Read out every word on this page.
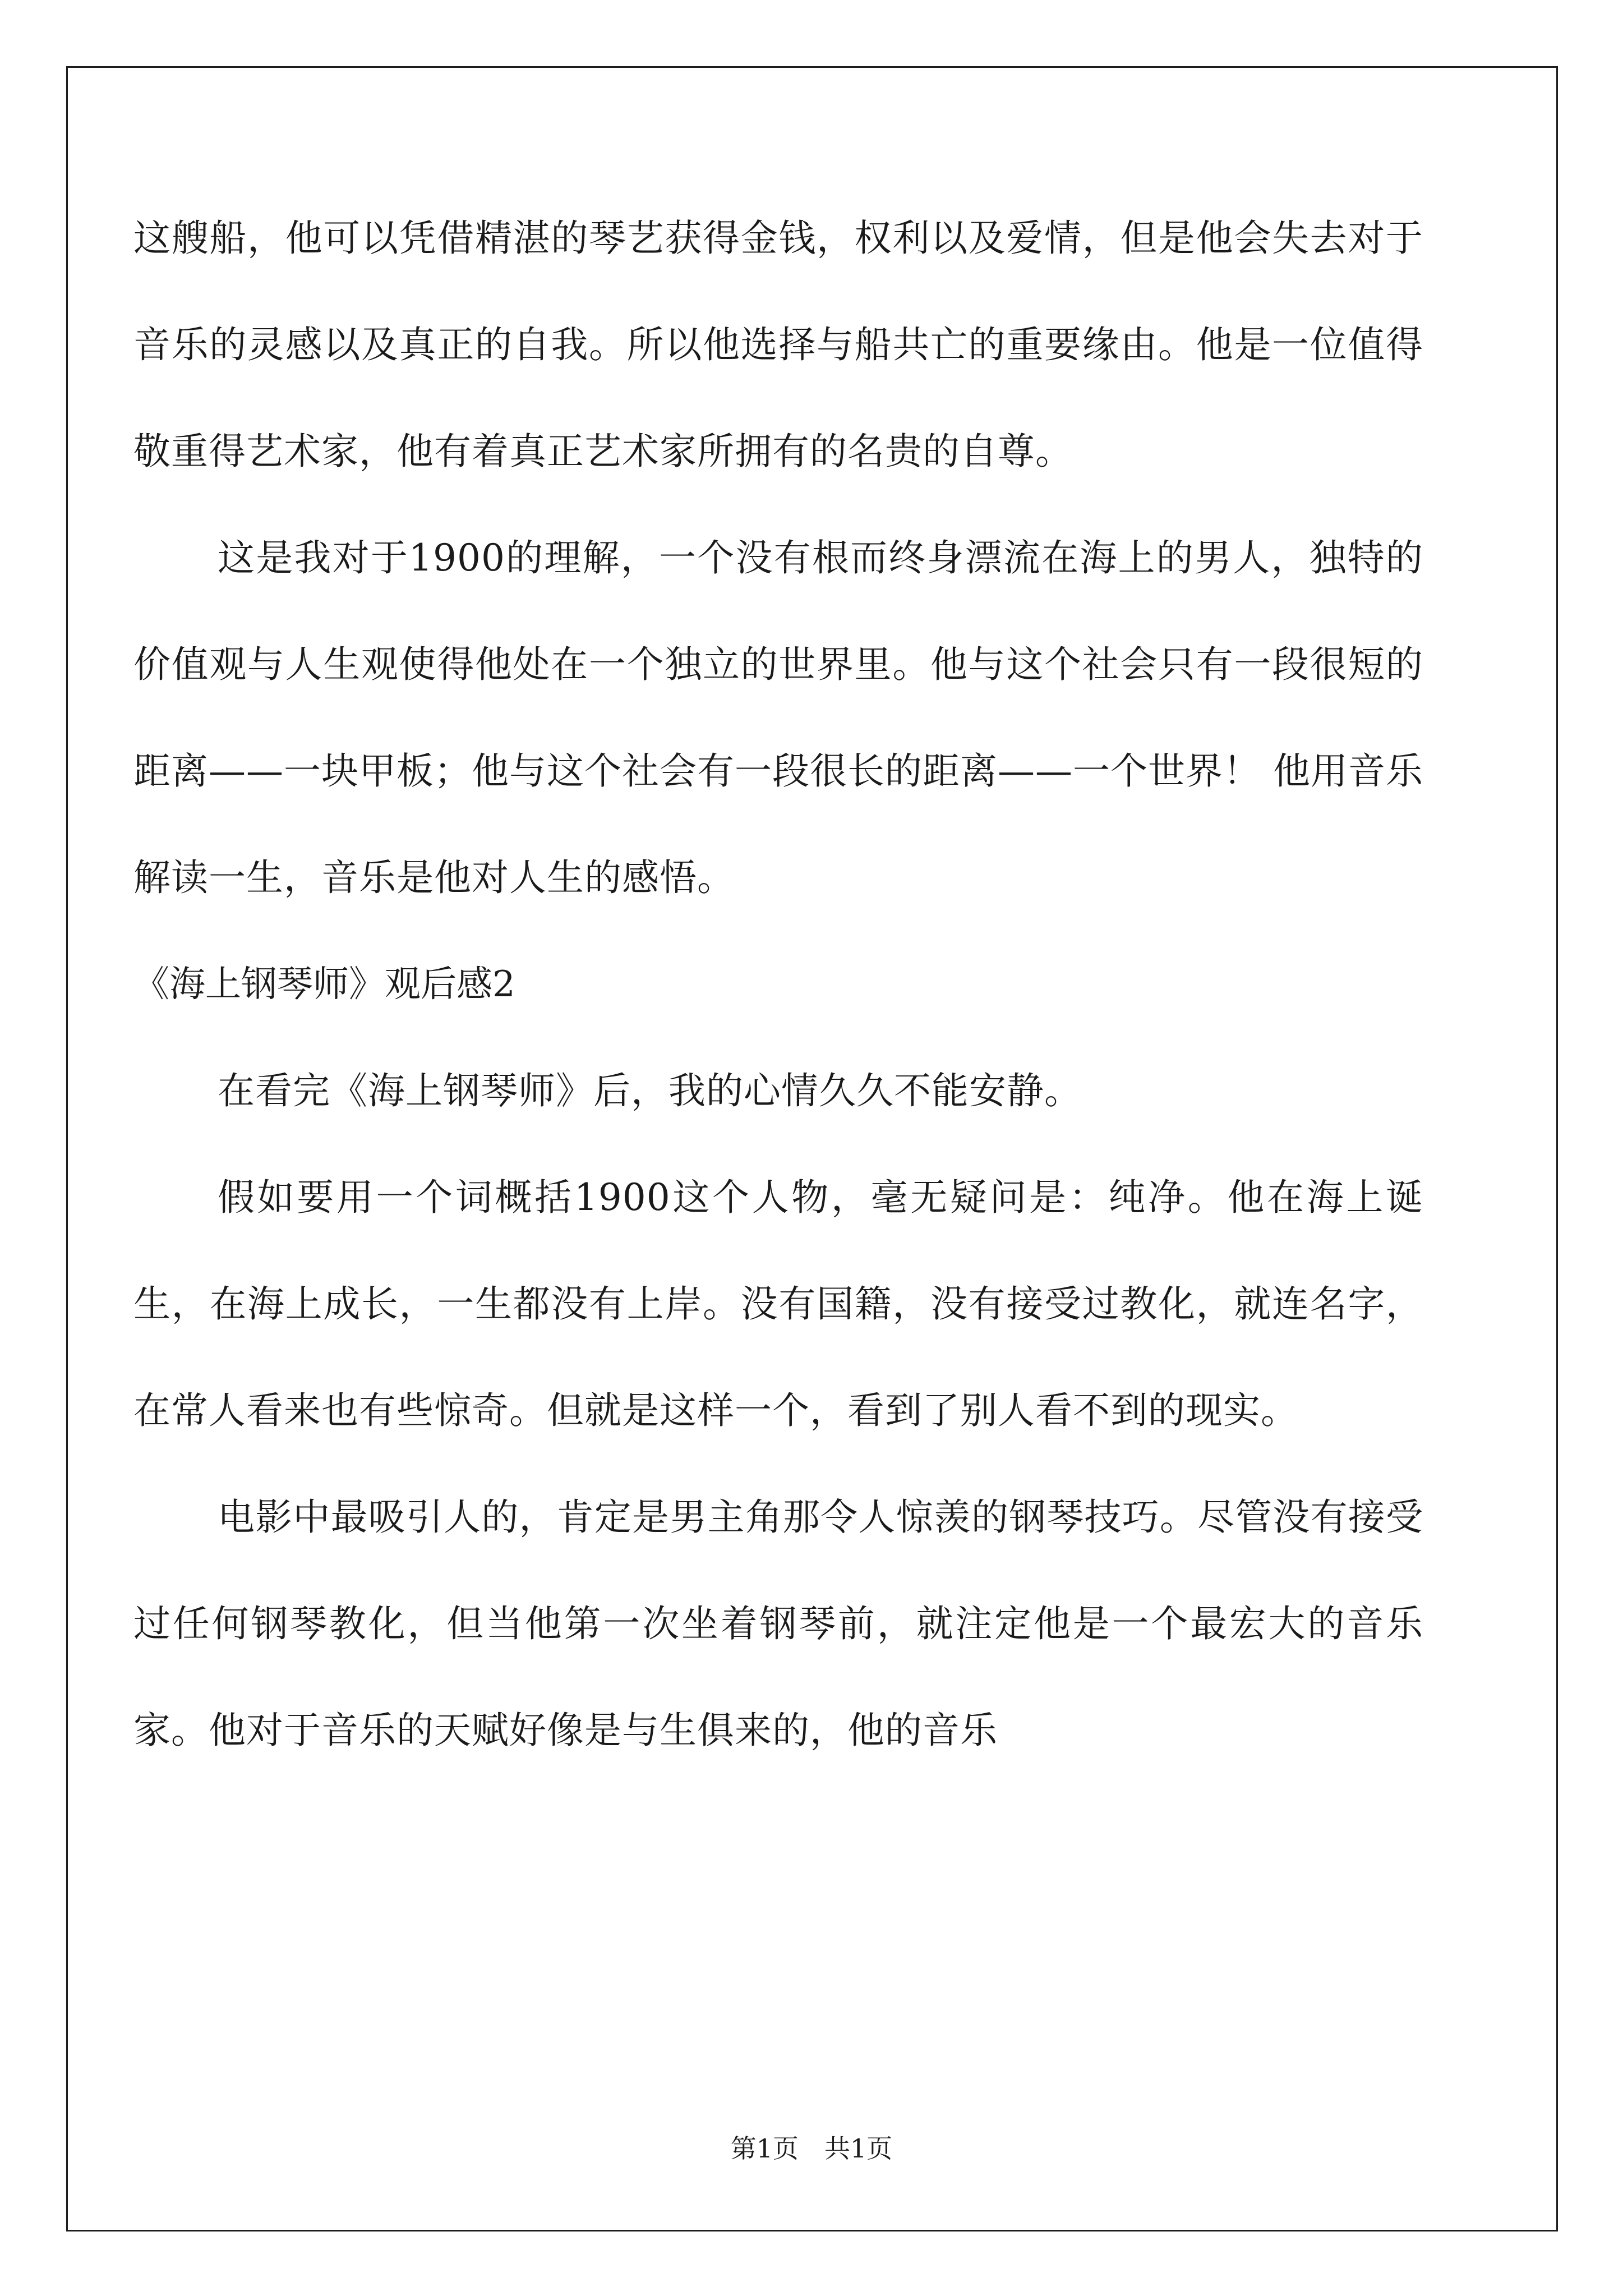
这艘船，他可以凭借精湛的琴艺获得金钱，权利以及爱情，但是他会失去对于音乐的灵感以及真正的自我。所以他选择与船共亡的重要缘由。他是一位值得敬重得艺术家，他有着真正艺术家所拥有的名贵的自尊。

这是我对于1900的理解，一个没有根而终身漂流在海上的男人，独特的价值观与人生观使得他处在一个独立的世界里。他与这个社会只有一段很短的距离——一块甲板；他与这个社会有一段很长的距离——一个世界！ 他用音乐解读一生，音乐是他对人生的感悟。

《海上钢琴师》观后感2

在看完《海上钢琴师》后，我的心情久久不能安静。

假如要用一个词概括1900这个人物，毫无疑问是：纯净。他在海上诞生，在海上成长，一生都没有上岸。没有国籍，没有接受过教化，就连名字，在常人看来也有些惊奇。但就是这样一个，看到了别人看不到的现实。

电影中最吸引人的，肯定是男主角那令人惊羡的钢琴技巧。尽管没有接受过任何钢琴教化，但当他第一次坐着钢琴前，就注定他是一个最宏大的音乐家。他对于音乐的天赋好像是与生俱来的，他的音乐

第1页　共1页
